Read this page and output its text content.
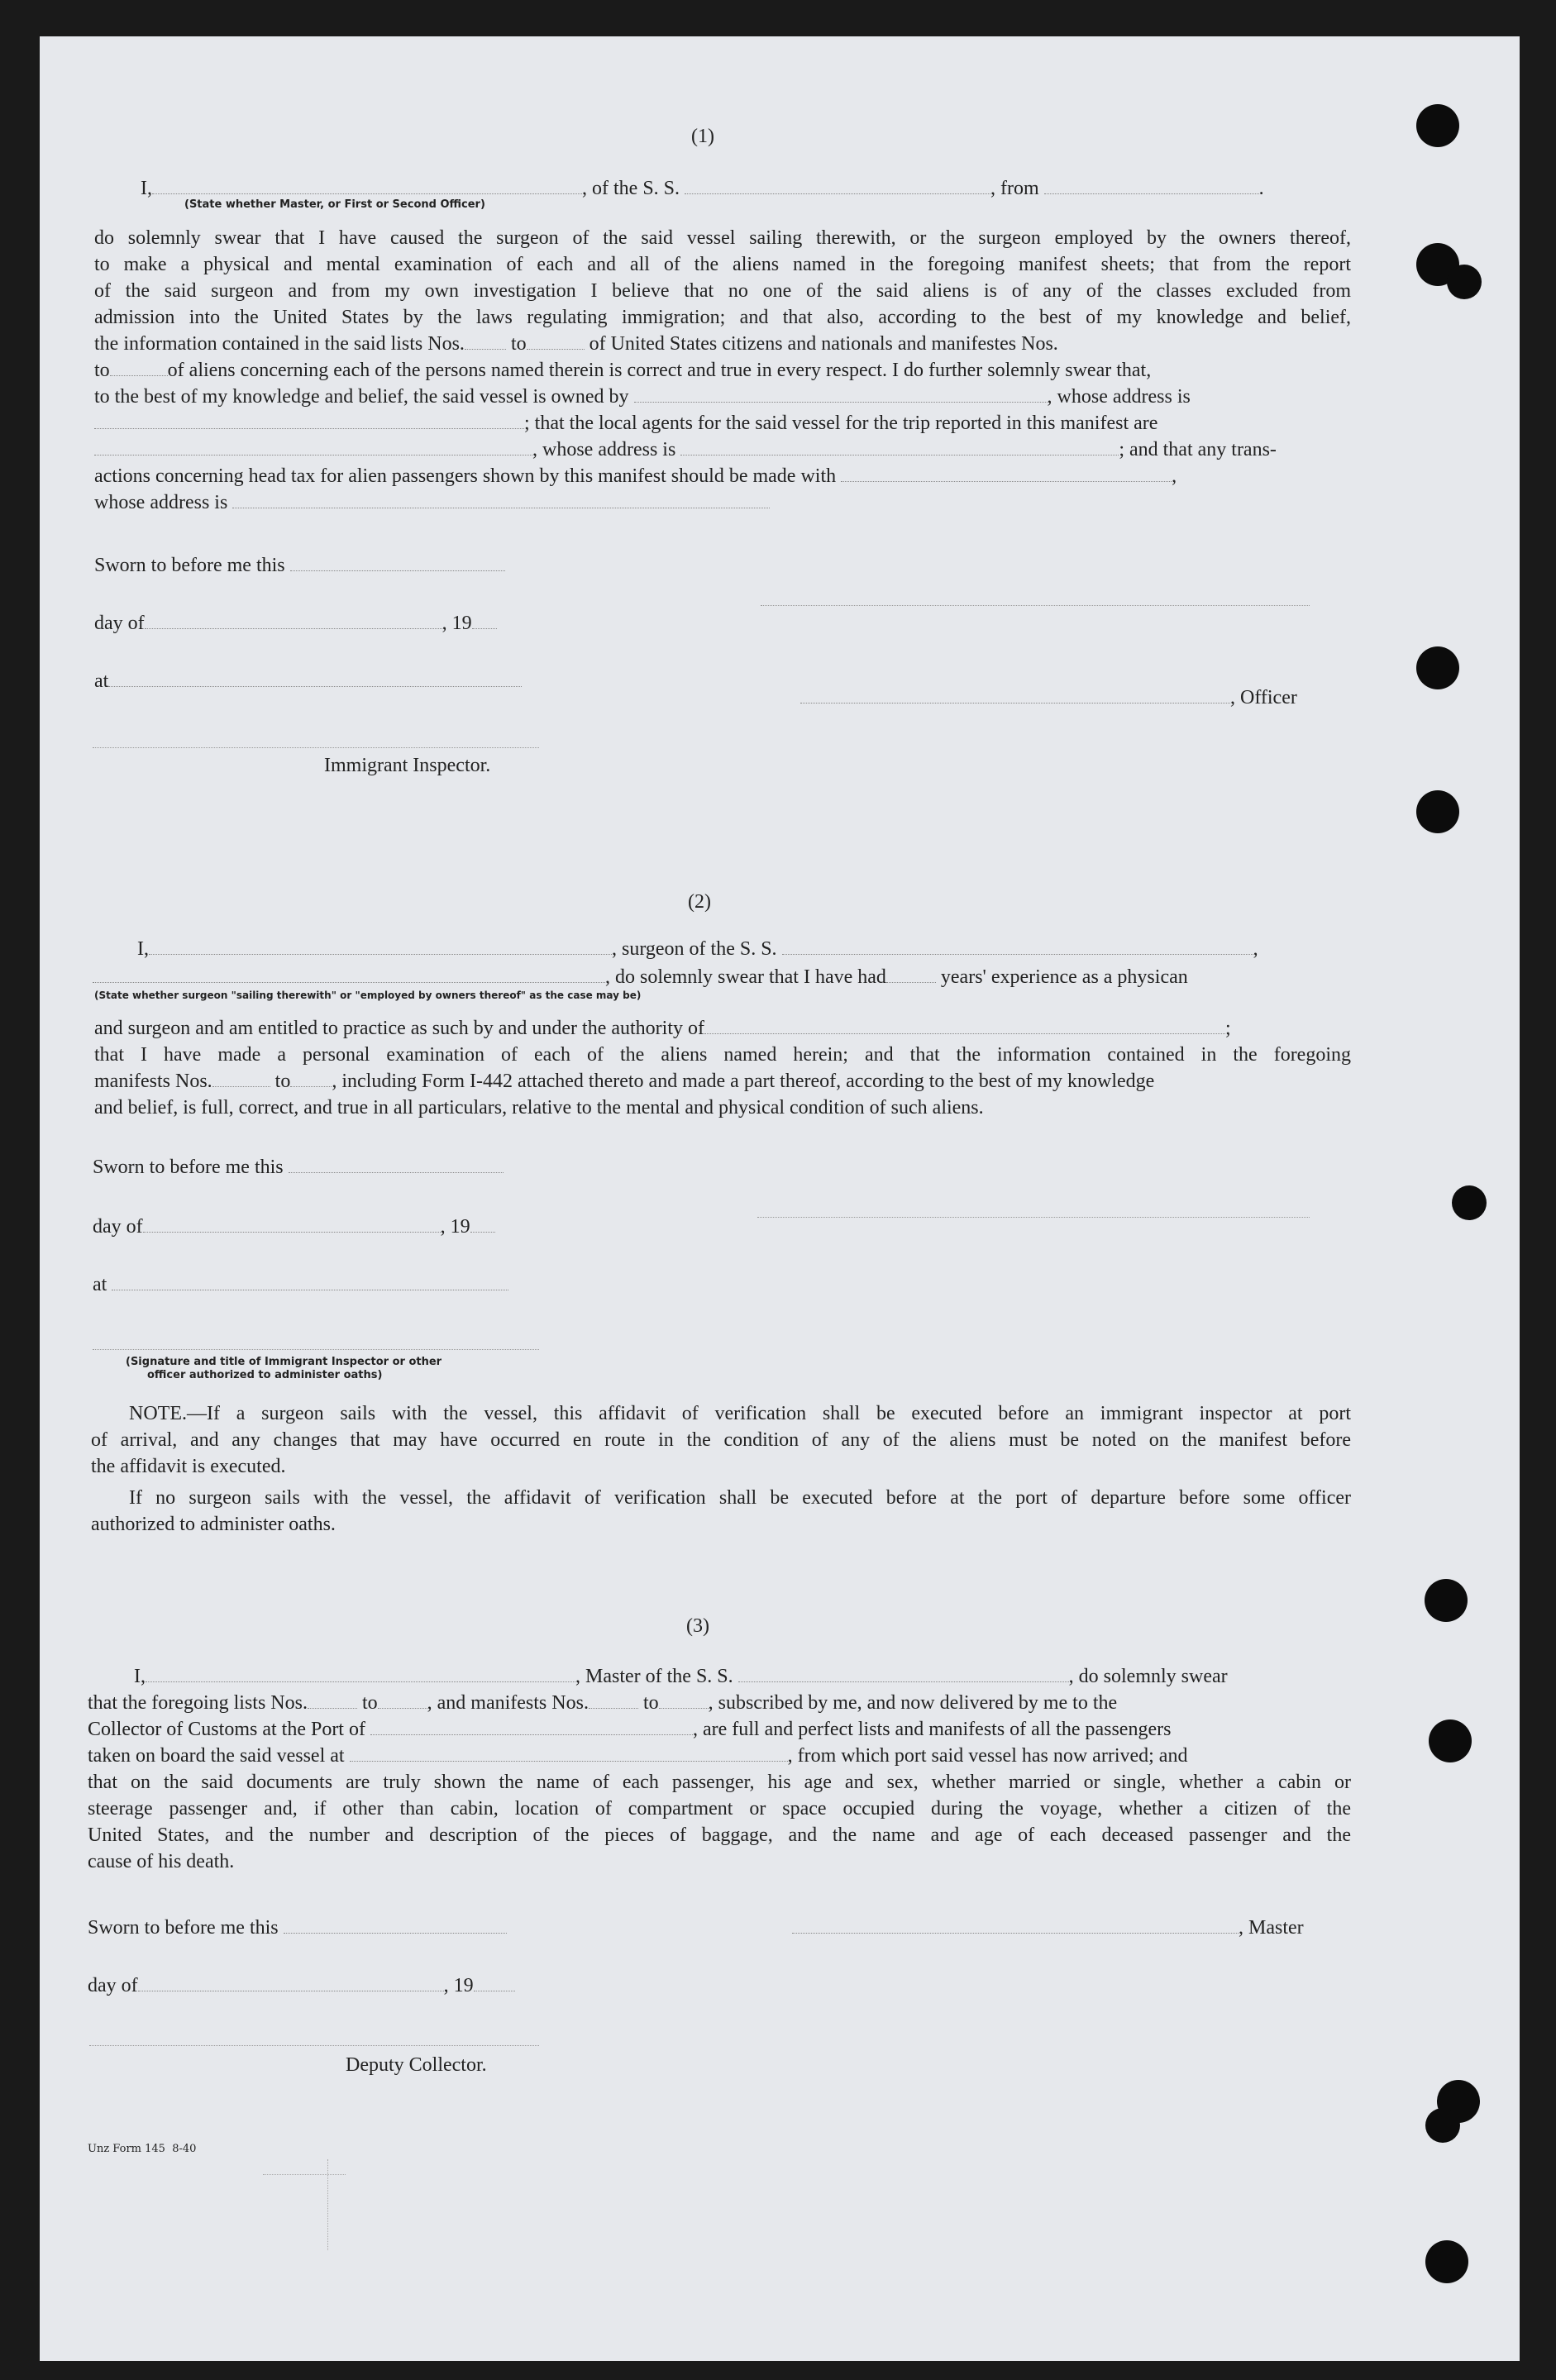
(1)
I,	, of the S. S.	, from	.
(State whether Master, or First or Second Officer)
do solemnly swear that I have caused the surgeon of the said vessel sailing therewith, or the surgeon employed by the owners thereof,
to make a physical and mental examination of each and all of the aliens named in the foregoing manifest sheets; that from the report
of the said surgeon and from my own investigation I believe that no one of the said aliens is of any of the classes excluded from
admission into the United States by the laws regulating immigration; and that also, according to the best of my knowledge and belief,
the information contained in the said lists Nos. to	of United States citizens and nationals and manifestes Nos.
to	of aliens concerning each of the persons named therein is correct and true in every respect. I do further solemnly swear that,
to the best of my knowledge and belief, the said vessel is owned by	, whose address is
; that the local agents for the said vessel for the trip reported in this manifest are
, whose address is	; and that any trans-
actions concerning head tax for alien passengers shown by this manifest should be made with	,
whose address is
Sworn to before me this
day of	, 19
at
, Officer
Immigrant Inspector.
(2)
I,	, surgeon of the S. S.	,
, do solemnly swear that I have had	years' experience as a physican
(State whether surgeon "sailing therewith" or "employed by owners thereof" as the case may be)
and surgeon and am entitled to practice as such by and under the authority of	;
that I have made a personal examination of each of the aliens named herein; and that the information contained in the foregoing
manifests Nos.	to , including Form I-442 attached thereto and made a part thereof, according to the best of my knowledge
and belief, is full, correct, and true in all particulars, relative to the mental and physical condition of such aliens.
Sworn to before me this
day of	, 19
at
(Signature and title of Immigrant Inspector or other
officer authorized to administer oaths)
NOTE.—If a surgeon sails with the vessel, this affidavit of verification shall be executed before an immigrant inspector at port
of arrival, and any changes that may have occurred en route in the condition of any of the aliens must be noted on the manifest before
the affidavit is executed.
If no surgeon sails with the vessel, the affidavit of verification shall be executed before at the port of departure before some officer
authorized to administer oaths.
(3)
I,	, Master of the S. S.	, do solemnly swear
that the foregoing lists Nos.	to	, and manifests Nos.	to	, subscribed by me, and now delivered by me to the
Collector of Customs at the Port of	, are full and perfect lists and manifests of all the passengers
taken on board the said vessel at	, from which port said vessel has now arrived; and
that on the said documents are truly shown the name of each passenger, his age and sex, whether married or single, whether a cabin or
steerage passenger and, if other than cabin, location of compartment or space occupied during the voyage, whether a citizen of the
United States, and the number and description of the pieces of baggage, and the name and age of each deceased passenger and the
cause of his death.
Sworn to before me this	, Master
day of	, 19
Deputy Collector.
Unz Form 145 8-40
